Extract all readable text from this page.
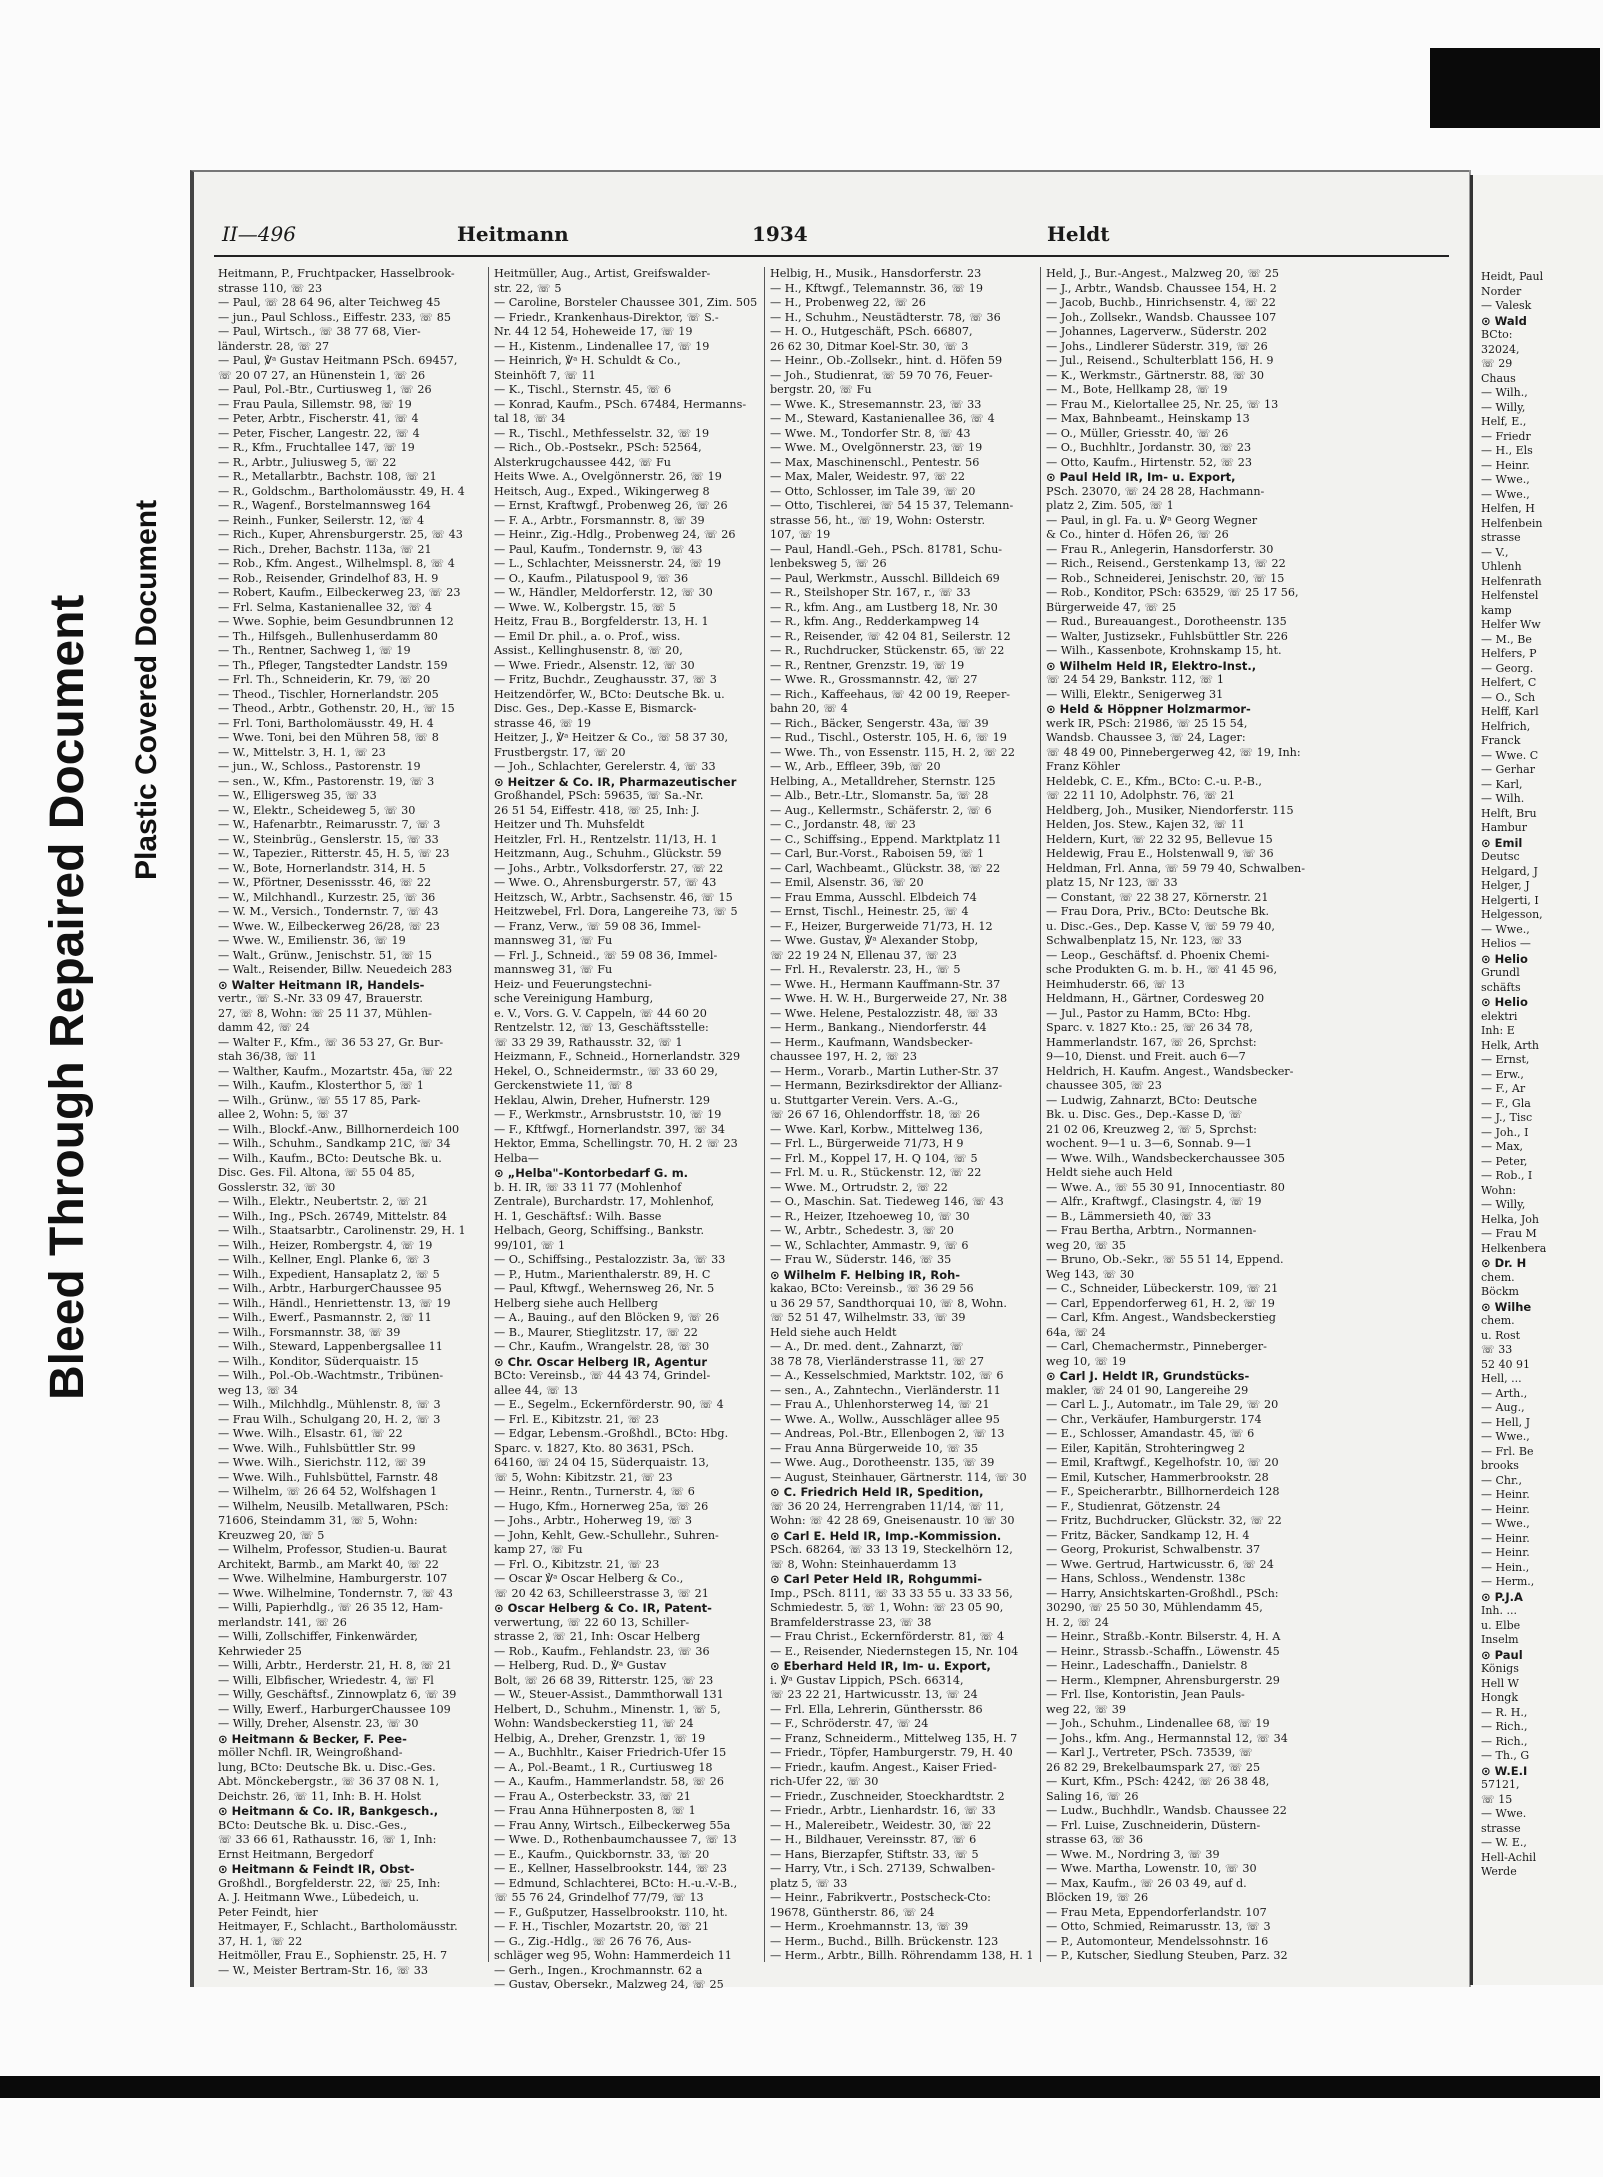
Bleed Through Repaired Document Plastic Covered Document
II—496	Heitmann	1934	Heldt
Heitmann, P., Fruchtpacker, Hasselbrook-
strasse 110, ☏ 23
— Paul, ☏ 28 64 96, alter Teichweg 45
— jun., Paul Schloss., Eiffestr. 233, ☏ 85
— Paul, Wirtsch., ☏ 38 77 68, Vier-
länderstr. 28, ☏ 27
— Paul, ℣ᵃ Gustav Heitmann PSch. 69457,
☏ 20 07 27, an Hünenstein 1, ☏ 26
— Paul, Pol.-Btr., Curtiusweg 1, ☏ 26
— Frau Paula, Sillemstr. 98, ☏ 19
— Peter, Arbtr., Fischerstr. 41, ☏ 4
— Peter, Fischer, Langestr. 22, ☏ 4
— R., Kfm., Fruchtallee 147, ☏ 19
— R., Arbtr., Juliusweg 5, ☏ 22
— R., Metallarbtr., Bachstr. 108, ☏ 21
— R., Goldschm., Bartholomäusstr. 49, H. 4
— R., Wagenf., Borstelmannsweg 164
— Reinh., Funker, Seilerstr. 12, ☏ 4
— Rich., Kuper, Ahrensburgerstr. 25, ☏ 43
— Rich., Dreher, Bachstr. 113a, ☏ 21
— Rob., Kfm. Angest., Wilhelmspl. 8, ☏ 4
— Rob., Reisender, Grindelhof 83, H. 9
— Robert, Kaufm., Eilbeckerweg 23, ☏ 23
— Frl. Selma, Kastanienallee 32, ☏ 4
— Wwe. Sophie, beim Gesundbrunnen 12
— Th., Hilfsgeh., Bullenhuserdamm 80
— Th., Rentner, Sachweg 1, ☏ 19
— Th., Pfleger, Tangstedter Landstr. 159
— Frl. Th., Schneiderin, Kr. 79, ☏ 20
— Theod., Tischler, Hornerlandstr. 205
— Theod., Arbtr., Gothenstr. 20, H., ☏ 15
— Frl. Toni, Bartholomäusstr. 49, H. 4
— Wwe. Toni, bei den Mühren 58, ☏ 8
— W., Mittelstr. 3, H. 1, ☏ 23
— jun., W., Schloss., Pastorenstr. 19
— sen., W., Kfm., Pastorenstr. 19, ☏ 3
— W., Elligersweg 35, ☏ 33
— W., Elektr., Scheideweg 5, ☏ 30
— W., Hafenarbtr., Reimarusstr. 7, ☏ 3
— W., Steinbrüg., Genslerstr. 15, ☏ 33
— W., Tapezier., Ritterstr. 45, H. 5, ☏ 23
— W., Bote, Hornerlandstr. 314, H. 5
— W., Pförtner, Desenissstr. 46, ☏ 22
— W., Milchhandl., Kurzestr. 25, ☏ 36
— W. M., Versich., Tondernstr. 7, ☏ 43
— Wwe. W., Eilbeckerweg 26/28, ☏ 23
— Wwe. W., Emilienstr. 36, ☏ 19
— Walt., Grünw., Jenischstr. 51, ☏ 15
— Walt., Reisender, Billw. Neuedeich 283
⊙ Walter Heitmann IR, Handels-
vertr., ☏ S.-Nr. 33 09 47, Brauerstr.
27, ☏ 8, Wohn: ☏ 25 11 37, Mühlen-
damm 42, ☏ 24
— Walter F., Kfm., ☏ 36 53 27, Gr. Bur-
stah 36/38, ☏ 11
— Walther, Kaufm., Mozartstr. 45a, ☏ 22
— Wilh., Kaufm., Klosterthor 5, ☏ 1
— Wilh., Grünw., ☏ 55 17 85, Park-
allee 2, Wohn: 5, ☏ 37
— Wilh., Blockf.-Anw., Billhornerdeich 100
— Wilh., Schuhm., Sandkamp 21C, ☏ 34
— Wilh., Kaufm., BCto: Deutsche Bk. u.
Disc. Ges. Fil. Altona, ☏ 55 04 85,
Gosslerstr. 32, ☏ 30
— Wilh., Elektr., Neubertstr. 2, ☏ 21
— Wilh., Ing., PSch. 26749, Mittelstr. 84
— Wilh., Staatsarbtr., Carolinenstr. 29, H. 1
— Wilh., Heizer, Rombergstr. 4, ☏ 19
— Wilh., Kellner, Engl. Planke 6, ☏ 3
— Wilh., Expedient, Hansaplatz 2, ☏ 5
— Wilh., Arbtr., HarburgerChaussee 95
— Wilh., Händl., Henriettenstr. 13, ☏ 19
— Wilh., Ewerf., Pasmannstr. 2, ☏ 11
— Wilh., Forsmannstr. 38, ☏ 39
— Wilh., Steward, Lappenbergsallee 11
— Wilh., Konditor, Süderquaistr. 15
— Wilh., Pol.-Ob.-Wachtmstr., Tribünen-
weg 13, ☏ 34
— Wilh., Milchhdlg., Mühlenstr. 8, ☏ 3
— Frau Wilh., Schulgang 20, H. 2, ☏ 3
— Wwe. Wilh., Elsastr. 61, ☏ 22
— Wwe. Wilh., Fuhlsbüttler Str. 99
— Wwe. Wilh., Sierichstr. 112, ☏ 39
— Wwe. Wilh., Fuhlsbüttel, Farnstr. 48
— Wilhelm, ☏ 26 64 52, Wolfshagen 1
— Wilhelm, Neusilb. Metallwaren, PSch:
71606, Steindamm 31, ☏ 5, Wohn:
Kreuzweg 20, ☏ 5
— Wilhelm, Professor, Studien-u. Baurat
Architekt, Barmb., am Markt 40, ☏ 22
— Wwe. Wilhelmine, Hamburgerstr. 107
— Wwe. Wilhelmine, Tondernstr. 7, ☏ 43
— Willi, Papierhdlg., ☏ 26 35 12, Ham-
merlandstr. 141, ☏ 26
— Willi, Zollschiffer, Finkenwärder,
Kehrwieder 25
— Willi, Arbtr., Herderstr. 21, H. 8, ☏ 21
— Willi, Elbfischer, Wriedestr. 4, ☏ Fl
— Willy, Geschäftsf., Zinnowplatz 6, ☏ 39
— Willy, Ewerf., HarburgerChaussee 109
— Willy, Dreher, Alsenstr. 23, ☏ 30
⊙ Heitmann & Becker, F. Pee-
möller Nchfl. IR, Weingroßhand-
lung, BCto: Deutsche Bk. u. Disc.-Ges.
Abt. Mönckebergstr., ☏ 36 37 08 N. 1,
Deichstr. 26, ☏ 11, Inh: B. H. Holst
⊙ Heitmann & Co. IR, Bankgesch.,
BCto: Deutsche Bk. u. Disc.-Ges.,
☏ 33 66 61, Rathausstr. 16, ☏ 1, Inh:
Ernst Heitmann, Bergedorf
⊙ Heitmann & Feindt IR, Obst-
Großhdl., Borgfelderstr. 22, ☏ 25, Inh:
A. J. Heitmann Wwe., Lübedeich, u.
Peter Feindt, hier
Heitmayer, F., Schlacht., Bartholomäusstr.
37, H. 1, ☏ 22
Heitmöller, Frau E., Sophienstr. 25, H. 7
— W., Meister Bertram-Str. 16, ☏ 33
Heitmüller, Aug., Artist, Greifswalder-
str. 22, ☏ 5
— Caroline, Borsteler Chaussee 301, Zim. 505
— Friedr., Krankenhaus-Direktor, ☏ S.-
Nr. 44 12 54, Hoheweide 17, ☏ 19
— H., Kistenm., Lindenallee 17, ☏ 19
— Heinrich, ℣ᵃ H. Schuldt & Co.,
Steinhöft 7, ☏ 11
— K., Tischl., Sternstr. 45, ☏ 6
— Konrad, Kaufm., PSch. 67484, Hermanns-
tal 18, ☏ 34
— R., Tischl., Methfesselstr. 32, ☏ 19
— Rich., Ob.-Postsekr., PSch: 52564,
Alsterkrugchaussee 442, ☏ Fu
Heits Wwe. A., Ovelgönnerstr. 26, ☏ 19
Heitsch, Aug., Exped., Wikingerweg 8
— Ernst, Kraftwgf., Probenweg 26, ☏ 26
— F. A., Arbtr., Forsmannstr. 8, ☏ 39
— Heinr., Zig.-Hdlg., Probenweg 24, ☏ 26
— Paul, Kaufm., Tondernstr. 9, ☏ 43
— L., Schlachter, Meissnerstr. 24, ☏ 19
— O., Kaufm., Pilatuspool 9, ☏ 36
— W., Händler, Meldorferstr. 12, ☏ 30
— Wwe. W., Kolbergstr. 15, ☏ 5
Heitz, Frau B., Borgfelderstr. 13, H. 1
— Emil Dr. phil., a. o. Prof., wiss.
Assist., Kellinghusenstr. 8, ☏ 20,
— Wwe. Friedr., Alsenstr. 12, ☏ 30
— Fritz, Buchdr., Zeughausstr. 37, ☏ 3
Heitzendörfer, W., BCto: Deutsche Bk. u.
Disc. Ges., Dep.-Kasse E, Bismarck-
strasse 46, ☏ 19
Heitzer, J., ℣ᵃ Heitzer & Co., ☏ 58 37 30,
Frustbergstr. 17, ☏ 20
— Joh., Schlachter, Gerelerstr. 4, ☏ 33
⊙ Heitzer & Co. IR, Pharmazeutischer
Großhandel, PSch: 59635, ☏ Sa.-Nr.
26 51 54, Eiffestr. 418, ☏ 25, Inh: J.
Heitzer und Th. Muhsfeldt
Heitzler, Frl. H., Rentzelstr. 11/13, H. 1
Heitzmann, Aug., Schuhm., Glückstr. 59
— Johs., Arbtr., Volksdorferstr. 27, ☏ 22
— Wwe. O., Ahrensburgerstr. 57, ☏ 43
Heitzsch, W., Arbtr., Sachsenstr. 46, ☏ 15
Heitzwebel, Frl. Dora, Langereihe 73, ☏ 5
— Franz, Verw., ☏ 59 08 36, Immel-
mannsweg 31, ☏ Fu
— Frl. J., Schneid., ☏ 59 08 36, Immel-
mannsweg 31, ☏ Fu
Heiz- und Feuerungstechni-
sche Vereinigung Hamburg,
e. V., Vors. G. V. Cappeln, ☏ 44 60 20
Rentzelstr. 12, ☏ 13, Geschäftsstelle:
☏ 33 29 39, Rathausstr. 32, ☏ 1
Heizmann, F., Schneid., Hornerlandstr. 329
Hekel, O., Schneidermstr., ☏ 33 60 29,
Gerckenstwiete 11, ☏ 8
Heklau, Alwin, Dreher, Hufnerstr. 129
— F., Werkmstr., Arnsbruststr. 10, ☏ 19
— F., Kftfwgf., Hornerlandstr. 397, ☏ 34
Hektor, Emma, Schellingstr. 70, H. 2 ☏ 23
Helba—
⊙ „Helba"-Kontorbedarf G. m.
b. H. IR, ☏ 33 11 77 (Mohlenhof
Zentrale), Burchardstr. 17, Mohlenhof,
H. 1, Geschäftsf.: Wilh. Basse
Helbach, Georg, Schiffsing., Bankstr.
99/101, ☏ 1
— O., Schiffsing., Pestalozzistr. 3a, ☏ 33
— P., Hutm., Marienthalerstr. 89, H. C
— Paul, Kftwgf., Wehernsweg 26, Nr. 5
Helberg siehe auch Hellberg
— A., Bauing., auf den Blöcken 9, ☏ 26
— B., Maurer, Stieglitzstr. 17, ☏ 22
— Chr., Kaufm., Wrangelstr. 28, ☏ 30
⊙ Chr. Oscar Helberg IR, Agentur
BCto: Vereinsb., ☏ 44 43 74, Grindel-
allee 44, ☏ 13
— E., Segelm., Eckernförderstr. 90, ☏ 4
— Frl. E., Kibitzstr. 21, ☏ 23
— Edgar, Lebensm.-Großhdl., BCto: Hbg.
Sparc. v. 1827, Kto. 80 3631, PSch.
64160, ☏ 24 04 15, Süderquaistr. 13,
☏ 5, Wohn: Kibitzstr. 21, ☏ 23
— Heinr., Rentn., Turnerstr. 4, ☏ 6
— Hugo, Kfm., Hornerweg 25a, ☏ 26
— Johs., Arbtr., Hoherweg 19, ☏ 3
— John, Kehlt, Gew.-Schullehr., Suhren-
kamp 27, ☏ Fu
— Frl. O., Kibitzstr. 21, ☏ 23
— Oscar ℣ᵃ Oscar Helberg & Co.,
☏ 20 42 63, Schilleerstrasse 3, ☏ 21
⊙ Oscar Helberg & Co. IR, Patent-
verwertung, ☏ 22 60 13, Schiller-
strasse 2, ☏ 21, Inh: Oscar Helberg
— Rob., Kaufm., Fehlandstr. 23, ☏ 36
— Helberg, Rud. D., ℣ᵃ Gustav
Bolt, ☏ 26 68 39, Ritterstr. 125, ☏ 23
— W., Steuer-Assist., Dammthorwall 131
Helbert, D., Schuhm., Minenstr. 1, ☏ 5,
Wohn: Wandsbeckerstieg 11, ☏ 24
Helbig, A., Dreher, Grenzstr. 1, ☏ 19
— A., Buchhltr., Kaiser Friedrich-Ufer 15
— A., Pol.-Beamt., 1 R., Curtiusweg 18
— A., Kaufm., Hammerlandstr. 58, ☏ 26
— Frau A., Osterbeckstr. 33, ☏ 21
— Frau Anna Hühnerposten 8, ☏ 1
— Frau Anny, Wirtsch., Eilbeckerweg 55a
— Wwe. D., Rothenbaumchaussee 7, ☏ 13
— E., Kaufm., Quickbornstr. 33, ☏ 20
— E., Kellner, Hasselbrookstr. 144, ☏ 23
— Edmund, Schlachterei, BCto: H.-u.-V.-B.,
☏ 55 76 24, Grindelhof 77/79, ☏ 13
— F., Gußputzer, Hasselbrookstr. 110, ht.
— F. H., Tischler, Mozartstr. 20, ☏ 21
— G., Zig.-Hdlg., ☏ 26 76 76, Aus-
schläger weg 95, Wohn: Hammerdeich 11
— Gerh., Ingen., Krochmannstr. 62 a
— Gustav, Obersekr., Malzweg 24, ☏ 25
Helbig, H., Musik., Hansdorferstr. 23
— H., Kftwgf., Telemannstr. 36, ☏ 19
— H., Probenweg 22, ☏ 26
— H., Schuhm., Neustädterstr. 78, ☏ 36
— H. O., Hutgeschäft, PSch. 66807,
26 62 30, Ditmar Koel-Str. 30, ☏ 3
— Heinr., Ob.-Zollsekr., hint. d. Höfen 59
— Joh., Studienrat, ☏ 59 70 76, Feuer-
bergstr. 20, ☏ Fu
— Wwe. K., Stresemannstr. 23, ☏ 33
— M., Steward, Kastanienallee 36, ☏ 4
— Wwe. M., Tondorfer Str. 8, ☏ 43
— Wwe. M., Ovelgönnerstr. 23, ☏ 19
— Max, Maschinenschl., Pentestr. 56
— Max, Maler, Weidestr. 97, ☏ 22
— Otto, Schlosser, im Tale 39, ☏ 20
— Otto, Tischlerei, ☏ 54 15 37, Telemann-
strasse 56, ht., ☏ 19, Wohn: Osterstr.
107, ☏ 19
— Paul, Handl.-Geh., PSch. 81781, Schu-
lenbeksweg 5, ☏ 26
— Paul, Werkmstr., Ausschl. Billdeich 69
— R., Steilshoper Str. 167, r., ☏ 33
— R., kfm. Ang., am Lustberg 18, Nr. 30
— R., kfm. Ang., Redderkampweg 14
— R., Reisender, ☏ 42 04 81, Seilerstr. 12
— R., Ruchdrucker, Stückenstr. 65, ☏ 22
— R., Rentner, Grenzstr. 19, ☏ 19
— Wwe. R., Grossmannstr. 42, ☏ 27
— Rich., Kaffeehaus, ☏ 42 00 19, Reeper-
bahn 20, ☏ 4
— Rich., Bäcker, Sengerstr. 43a, ☏ 39
— Rud., Tischl., Osterstr. 105, H. 6, ☏ 19
— Wwe. Th., von Essenstr. 115, H. 2, ☏ 22
— W., Arb., Effleer, 39b, ☏ 20
Helbing, A., Metalldreher, Sternstr. 125
— Alb., Betr.-Ltr., Slomanstr. 5a, ☏ 28
— Aug., Kellermstr., Schäferstr. 2, ☏ 6
— C., Jordanstr. 48, ☏ 23
— C., Schiffsing., Eppend. Marktplatz 11
— Carl, Bur.-Vorst., Raboisen 59, ☏ 1
— Carl, Wachbeamt., Glückstr. 38, ☏ 22
— Emil, Alsenstr. 36, ☏ 20
— Frau Emma, Ausschl. Elbdeich 74
— Ernst, Tischl., Heinestr. 25, ☏ 4
— F., Heizer, Burgerweide 71/73, H. 12
— Wwe. Gustav, ℣ᵃ Alexander Stobp,
☏ 22 19 24 N, Ellenau 37, ☏ 23
— Frl. H., Revalerstr. 23, H., ☏ 5
— Wwe. H., Hermann Kauffmann-Str. 37
— Wwe. H. W. H., Burgerweide 27, Nr. 38
— Wwe. Helene, Pestalozzistr. 48, ☏ 33
— Herm., Bankang., Niendorferstr. 44
— Herm., Kaufmann, Wandsbecker-
chaussee 197, H. 2, ☏ 23
— Herm., Vorarb., Martin Luther-Str. 37
— Hermann, Bezirksdirektor der Allianz-
u. Stuttgarter Verein. Vers. A.-G.,
☏ 26 67 16, Ohlendorffstr. 18, ☏ 26
— Wwe. Karl, Korbw., Mittelweg 136,
— Frl. L., Bürgerweide 71/73, H 9
— Frl. M., Koppel 17, H. Q 104, ☏ 5
— Frl. M. u. R., Stückenstr. 12, ☏ 22
— Wwe. M., Ortrudstr. 2, ☏ 22
— O., Maschin. Sat. Tiedeweg 146, ☏ 43
— R., Heizer, Itzehoeweg 10, ☏ 30
— W., Arbtr., Schedestr. 3, ☏ 20
— W., Schlachter, Ammastr. 9, ☏ 6
— Frau W., Süderstr. 146, ☏ 35
⊙ Wilhelm F. Helbing IR, Roh-
kakao, BCto: Vereinsb., ☏ 36 29 56
u 36 29 57, Sandthorquai 10, ☏ 8, Wohn.
☏ 52 51 47, Wilhelmstr. 33, ☏ 39
Held siehe auch Heldt
— A., Dr. med. dent., Zahnarzt, ☏
38 78 78, Vierländerstrasse 11, ☏ 27
— A., Kesselschmied, Marktstr. 102, ☏ 6
— sen., A., Zahntechn., Vierländerstr. 11
— Frau A., Uhlenhorsterweg 14, ☏ 21
— Wwe. A., Wollw., Ausschläger allee 95
— Andreas, Pol.-Btr., Ellenbogen 2, ☏ 13
— Frau Anna Bürgerweide 10, ☏ 35
— Wwe. Aug., Dorotheenstr. 135, ☏ 39
— August, Steinhauer, Gärtnerstr. 114, ☏ 30
⊙ C. Friedrich Held IR, Spedition,
☏ 36 20 24, Herrengraben 11/14, ☏ 11,
Wohn: ☏ 42 28 69, Gneisenaustr. 10 ☏ 30
⊙ Carl E. Held IR, Imp.-Kommission.
PSch. 68264, ☏ 33 13 19, Steckelhörn 12,
☏ 8, Wohn: Steinhauerdamm 13
⊙ Carl Peter Held IR, Rohgummi-
Imp., PSch. 8111, ☏ 33 33 55 u. 33 33 56,
Schmiedestr. 5, ☏ 1, Wohn: ☏ 23 05 90,
Bramfelderstrasse 23, ☏ 38
— Frau Christ., Eckernförderstr. 81, ☏ 4
— E., Reisender, Niedernstegen 15, Nr. 104
⊙ Eberhard Held IR, Im- u. Export,
i. ℣ᵃ Gustav Lippich, PSch. 66314,
☏ 23 22 21, Hartwicusstr. 13, ☏ 24
— Frl. Ella, Lehrerin, Günthersstr. 86
— F., Schröderstr. 47, ☏ 24
— Franz, Schneiderm., Mittelweg 135, H. 7
— Friedr., Töpfer, Hamburgerstr. 79, H. 40
— Friedr., kaufm. Angest., Kaiser Fried-
rich-Ufer 22, ☏ 30
— Friedr., Zuschneider, Stoeckhardtstr. 2
— Friedr., Arbtr., Lienhardstr. 16, ☏ 33
— H., Malereibetr., Weidestr. 30, ☏ 22
— H., Bildhauer, Vereinsstr. 87, ☏ 6
— Hans, Bierzapfer, Stiftstr. 33, ☏ 5
— Harry, Vtr., i Sch. 27139, Schwalben-
platz 5, ☏ 33
— Heinr., Fabrikvertr., Postscheck-Cto:
19678, Güntherstr. 86, ☏ 24
— Herm., Kroehmannstr. 13, ☏ 39
— Herm., Buchd., Billh. Brückenstr. 123
— Herm., Arbtr., Billh. Röhrendamm 138, H. 1
Held, J., Bur.-Angest., Malzweg 20, ☏ 25
— J., Arbtr., Wandsb. Chaussee 154, H. 2
— Jacob, Buchb., Hinrichsenstr. 4, ☏ 22
— Joh., Zollsekr., Wandsb. Chaussee 107
— Johannes, Lagerverw., Süderstr. 202
— Johs., Lindlerer Süderstr. 319, ☏ 26
— Jul., Reisend., Schulterblatt 156, H. 9
— K., Werkmstr., Gärtnerstr. 88, ☏ 30
— M., Bote, Hellkamp 28, ☏ 19
— Frau M., Kielortallee 25, Nr. 25, ☏ 13
— Max, Bahnbeamt., Heinskamp 13
— O., Müller, Griesstr. 40, ☏ 26
— O., Buchhltr., Jordanstr. 30, ☏ 23
— Otto, Kaufm., Hirtenstr. 52, ☏ 23
⊙ Paul Held IR, Im- u. Export,
PSch. 23070, ☏ 24 28 28, Hachmann-
platz 2, Zim. 505, ☏ 1
— Paul, in gl. Fa. u. ℣ᵃ Georg Wegner
& Co., hinter d. Höfen 26, ☏ 26
— Frau R., Anlegerin, Hansdorferstr. 30
— Rich., Reisend., Gerstenkamp 13, ☏ 22
— Rob., Schneiderei, Jenischstr. 20, ☏ 15
— Rob., Konditor, PSch: 63529, ☏ 25 17 56,
Bürgerweide 47, ☏ 25
— Rud., Bureauangest., Dorotheenstr. 135
— Walter, Justizsekr., Fuhlsbüttler Str. 226
— Wilh., Kassenbote, Krohnskamp 15, ht.
⊙ Wilhelm Held IR, Elektro-Inst.,
☏ 24 54 29, Bankstr. 112, ☏ 1
— Willi, Elektr., Senigerweg 31
⊙ Held & Höppner Holzmarmor-
werk IR, PSch: 21986, ☏ 25 15 54,
Wandsb. Chaussee 3, ☏ 24, Lager:
☏ 48 49 00, Pinnebergerweg 42, ☏ 19, Inh:
Franz Köhler
Heldebk, C. E., Kfm., BCto: C.-u. P.-B.,
☏ 22 11 10, Adolphstr. 76, ☏ 21
Heldberg, Joh., Musiker, Niendorferstr. 115
Helden, Jos. Stew., Kajen 32, ☏ 11
Heldern, Kurt, ☏ 22 32 95, Bellevue 15
Heldewig, Frau E., Holstenwall 9, ☏ 36
Heldman, Frl. Anna, ☏ 59 79 40, Schwalben-
platz 15, Nr 123, ☏ 33
— Constant, ☏ 22 38 27, Körnerstr. 21
— Frau Dora, Priv., BCto: Deutsche Bk.
u. Disc.-Ges., Dep. Kasse V, ☏ 59 79 40,
Schwalbenplatz 15, Nr. 123, ☏ 33
— Leop., Geschäftsf. d. Phoenix Chemi-
sche Produkten G. m. b. H., ☏ 41 45 96,
Heimhuderstr. 66, ☏ 13
Heldmann, H., Gärtner, Cordesweg 20
— Jul., Pastor zu Hamm, BCto: Hbg.
Sparc. v. 1827 Kto.: 25, ☏ 26 34 78,
Hammerlandstr. 167, ☏ 26, Sprchst:
9—10, Dienst. und Freit. auch 6—7
Heldrich, H. Kaufm. Angest., Wandsbecker-
chaussee 305, ☏ 23
— Ludwig, Zahnarzt, BCto: Deutsche
Bk. u. Disc. Ges., Dep.-Kasse D, ☏
21 02 06, Kreuzweg 2, ☏ 5, Sprchst:
wochent. 9—1 u. 3—6, Sonnab. 9—1
— Wwe. Wilh., Wandsbeckerchaussee 305
Heldt siehe auch Held
— Wwe. A., ☏ 55 30 91, Innocentiastr. 80
— Alfr., Kraftwgf., Clasingstr. 4, ☏ 19
— B., Lämmersieth 40, ☏ 33
— Frau Bertha, Arbtrn., Normannen-
weg 20, ☏ 35
— Bruno, Ob.-Sekr., ☏ 55 51 14, Eppend.
Weg 143, ☏ 30
— C., Schneider, Lübeckerstr. 109, ☏ 21
— Carl, Eppendorferweg 61, H. 2, ☏ 19
— Carl, Kfm. Angest., Wandsbeckerstieg
64a, ☏ 24
— Carl, Chemachermstr., Pinneberger-
weg 10, ☏ 19
⊙ Carl J. Heldt IR, Grundstücks-
makler, ☏ 24 01 90, Langereihe 29
— Carl L. J., Automatr., im Tale 29, ☏ 20
— Chr., Verkäufer, Hamburgerstr. 174
— E., Schlosser, Amandastr. 45, ☏ 6
— Eiler, Kapitän, Strohteringweg 2
— Emil, Kraftwgf., Kegelhofstr. 10, ☏ 20
— Emil, Kutscher, Hammerbrookstr. 28
— F., Speicherarbtr., Billhornerdeich 128
— F., Studienrat, Götzenstr. 24
— Fritz, Buchdrucker, Glückstr. 32, ☏ 22
— Fritz, Bäcker, Sandkamp 12, H. 4
— Georg, Prokurist, Schwalbenstr. 37
— Wwe. Gertrud, Hartwicusstr. 6, ☏ 24
— Hans, Schloss., Wendenstr. 138c
— Harry, Ansichtskarten-Großhdl., PSch:
30290, ☏ 25 50 30, Mühlendamm 45,
H. 2, ☏ 24
— Heinr., Straßb.-Kontr. Bilserstr. 4, H. A
— Heinr., Strassb.-Schaffn., Löwenstr. 45
— Heinr., Ladeschaffn., Danielstr. 8
— Herm., Klempner, Ahrensburgerstr. 29
— Frl. Ilse, Kontoristin, Jean Pauls-
weg 22, ☏ 39
— Joh., Schuhm., Lindenallee 68, ☏ 19
— Johs., kfm. Ang., Hermannstal 12, ☏ 34
— Karl J., Vertreter, PSch. 73539, ☏
26 82 29, Brekelbaumspark 27, ☏ 25
— Kurt, Kfm., PSch: 4242, ☏ 26 38 48,
Saling 16, ☏ 26
— Ludw., Buchhdlr., Wandsb. Chaussee 22
— Frl. Luise, Zuschneiderin, Düstern-
strasse 63, ☏ 36
— Wwe. M., Nordring 3, ☏ 39
— Wwe. Martha, Lowenstr. 10, ☏ 30
— Max, Kaufm., ☏ 26 03 49, auf d.
Blöcken 19, ☏ 26
— Frau Meta, Eppendorferlandstr. 107
— Otto, Schmied, Reimarusstr. 13, ☏ 3
— P., Automonteur, Mendelssohnstr. 16
— P., Kutscher, Siedlung Steuben, Parz. 32
Heidt, Paul
Norder
— Valesk
⊙ Wald
BCto:
32024,
☏ 29
Chaus
— Wilh.,
— Willy,
Helf, E.,
— Friedr
— H., Els
— Heinr.
— Wwe.,
— Wwe.,
Helfen, H
Helfenbein
strasse
— V.,
Uhlenh
Helfenrath
Helfenstel
kamp
Helfer Ww
— M., Be
Helfers, P
— Georg.
Helfert, C
— O., Sch
Helff, Karl
Helfrich,
Franck
— Wwe. C
— Gerhar
— Karl,
— Wilh.
Helft, Bru
Hambur
⊙ Emil
Deutsc
Helgard, J
Helger, J
Helgerti, I
Helgesson,
— Wwe.,
Helios —
⊙ Helio
Grundl
schäfts
⊙ Helio
elektri
Inh: E
Helk, Arth
— Ernst,
— Erw.,
— F., Ar
— F., Gla
— J., Tisc
— Joh., I
— Max,
— Peter,
— Rob., I
Wohn:
— Willy,
Helka, Joh
— Frau M
Helkenbera
⊙ Dr. H
chem.
Böckm
⊙ Wilhe
chem.
u. Rost
☏ 33
52 40 91
Hell, ...
— Arth.,
— Aug.,
— Hell, J
— Wwe.,
— Frl. Be
brooks
— Chr.,
— Heinr.
— Heinr.
— Wwe.,
— Heinr.
— Heinr.
— Hein.,
— Herm.,
⊙ P.J.A
Inh. ...
u. Elbe
Inselm
⊙ Paul
Königs
Hell W
Hongk
— R. H.,
— Rich.,
— Rich.,
— Th., G
⊙ W.E.I
57121,
☏ 15
— Wwe.
strasse
— W. E.,
Hell-Achil
Werde
